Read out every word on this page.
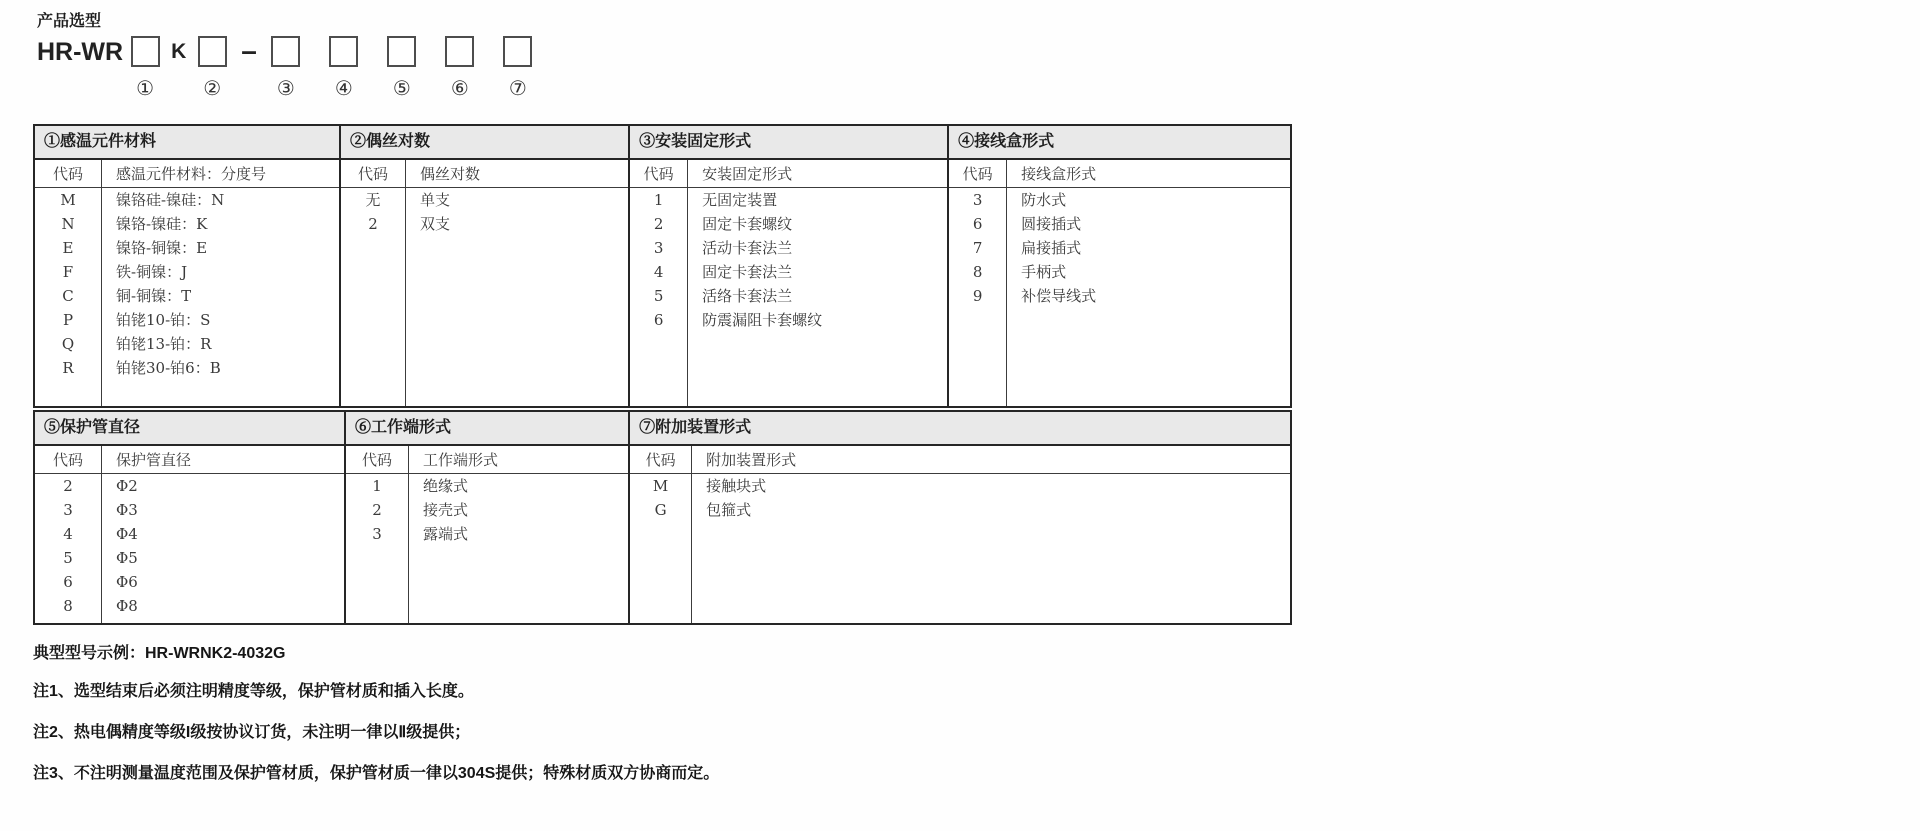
产品选型
HR-WR
①
K
②
–
③ ④ ⑤ ⑥ ⑦
①感温元件材料
代码
M
N
E
F
C
P
Q
R
感温元件材料：分度号
镍铬硅-镍硅：N
镍铬-镍硅：K
镍铬-铜镍：E
铁-铜镍：J
铜-铜镍：T
铂铑10-铂：S
铂铑13-铂：R
铂铑30-铂6：B
②偶丝对数
代码
无
2
偶丝对数
单支
双支
③安装固定形式
代码
1
2
3
4
5
6
安装固定形式
无固定装置
固定卡套螺纹
活动卡套法兰
固定卡套法兰
活络卡套法兰
防震漏阻卡套螺纹
④接线盒形式
代码
3
6
7
8
9
接线盒形式
防水式
圆接插式
扁接插式
手柄式
补偿导线式
⑤保护管直径
代码
2
3
4
5
6
8
保护管直径
Φ2
Φ3
Φ4
Φ5
Φ6
Φ8
⑥工作端形式
代码
1
2
3
工作端形式
绝缘式
接壳式
露端式
⑦附加装置形式
代码
M
G
附加装置形式
接触块式
包箍式
典型型号示例：HR-WRNK2-4032G
注1、选型结束后必须注明精度等级，保护管材质和插入长度。
注2、热电偶精度等级I级按协议订货，未注明一律以Ⅱ级提供；
注3、不注明测量温度范围及保护管材质，保护管材质一律以304S提供；特殊材质双方协商而定。
